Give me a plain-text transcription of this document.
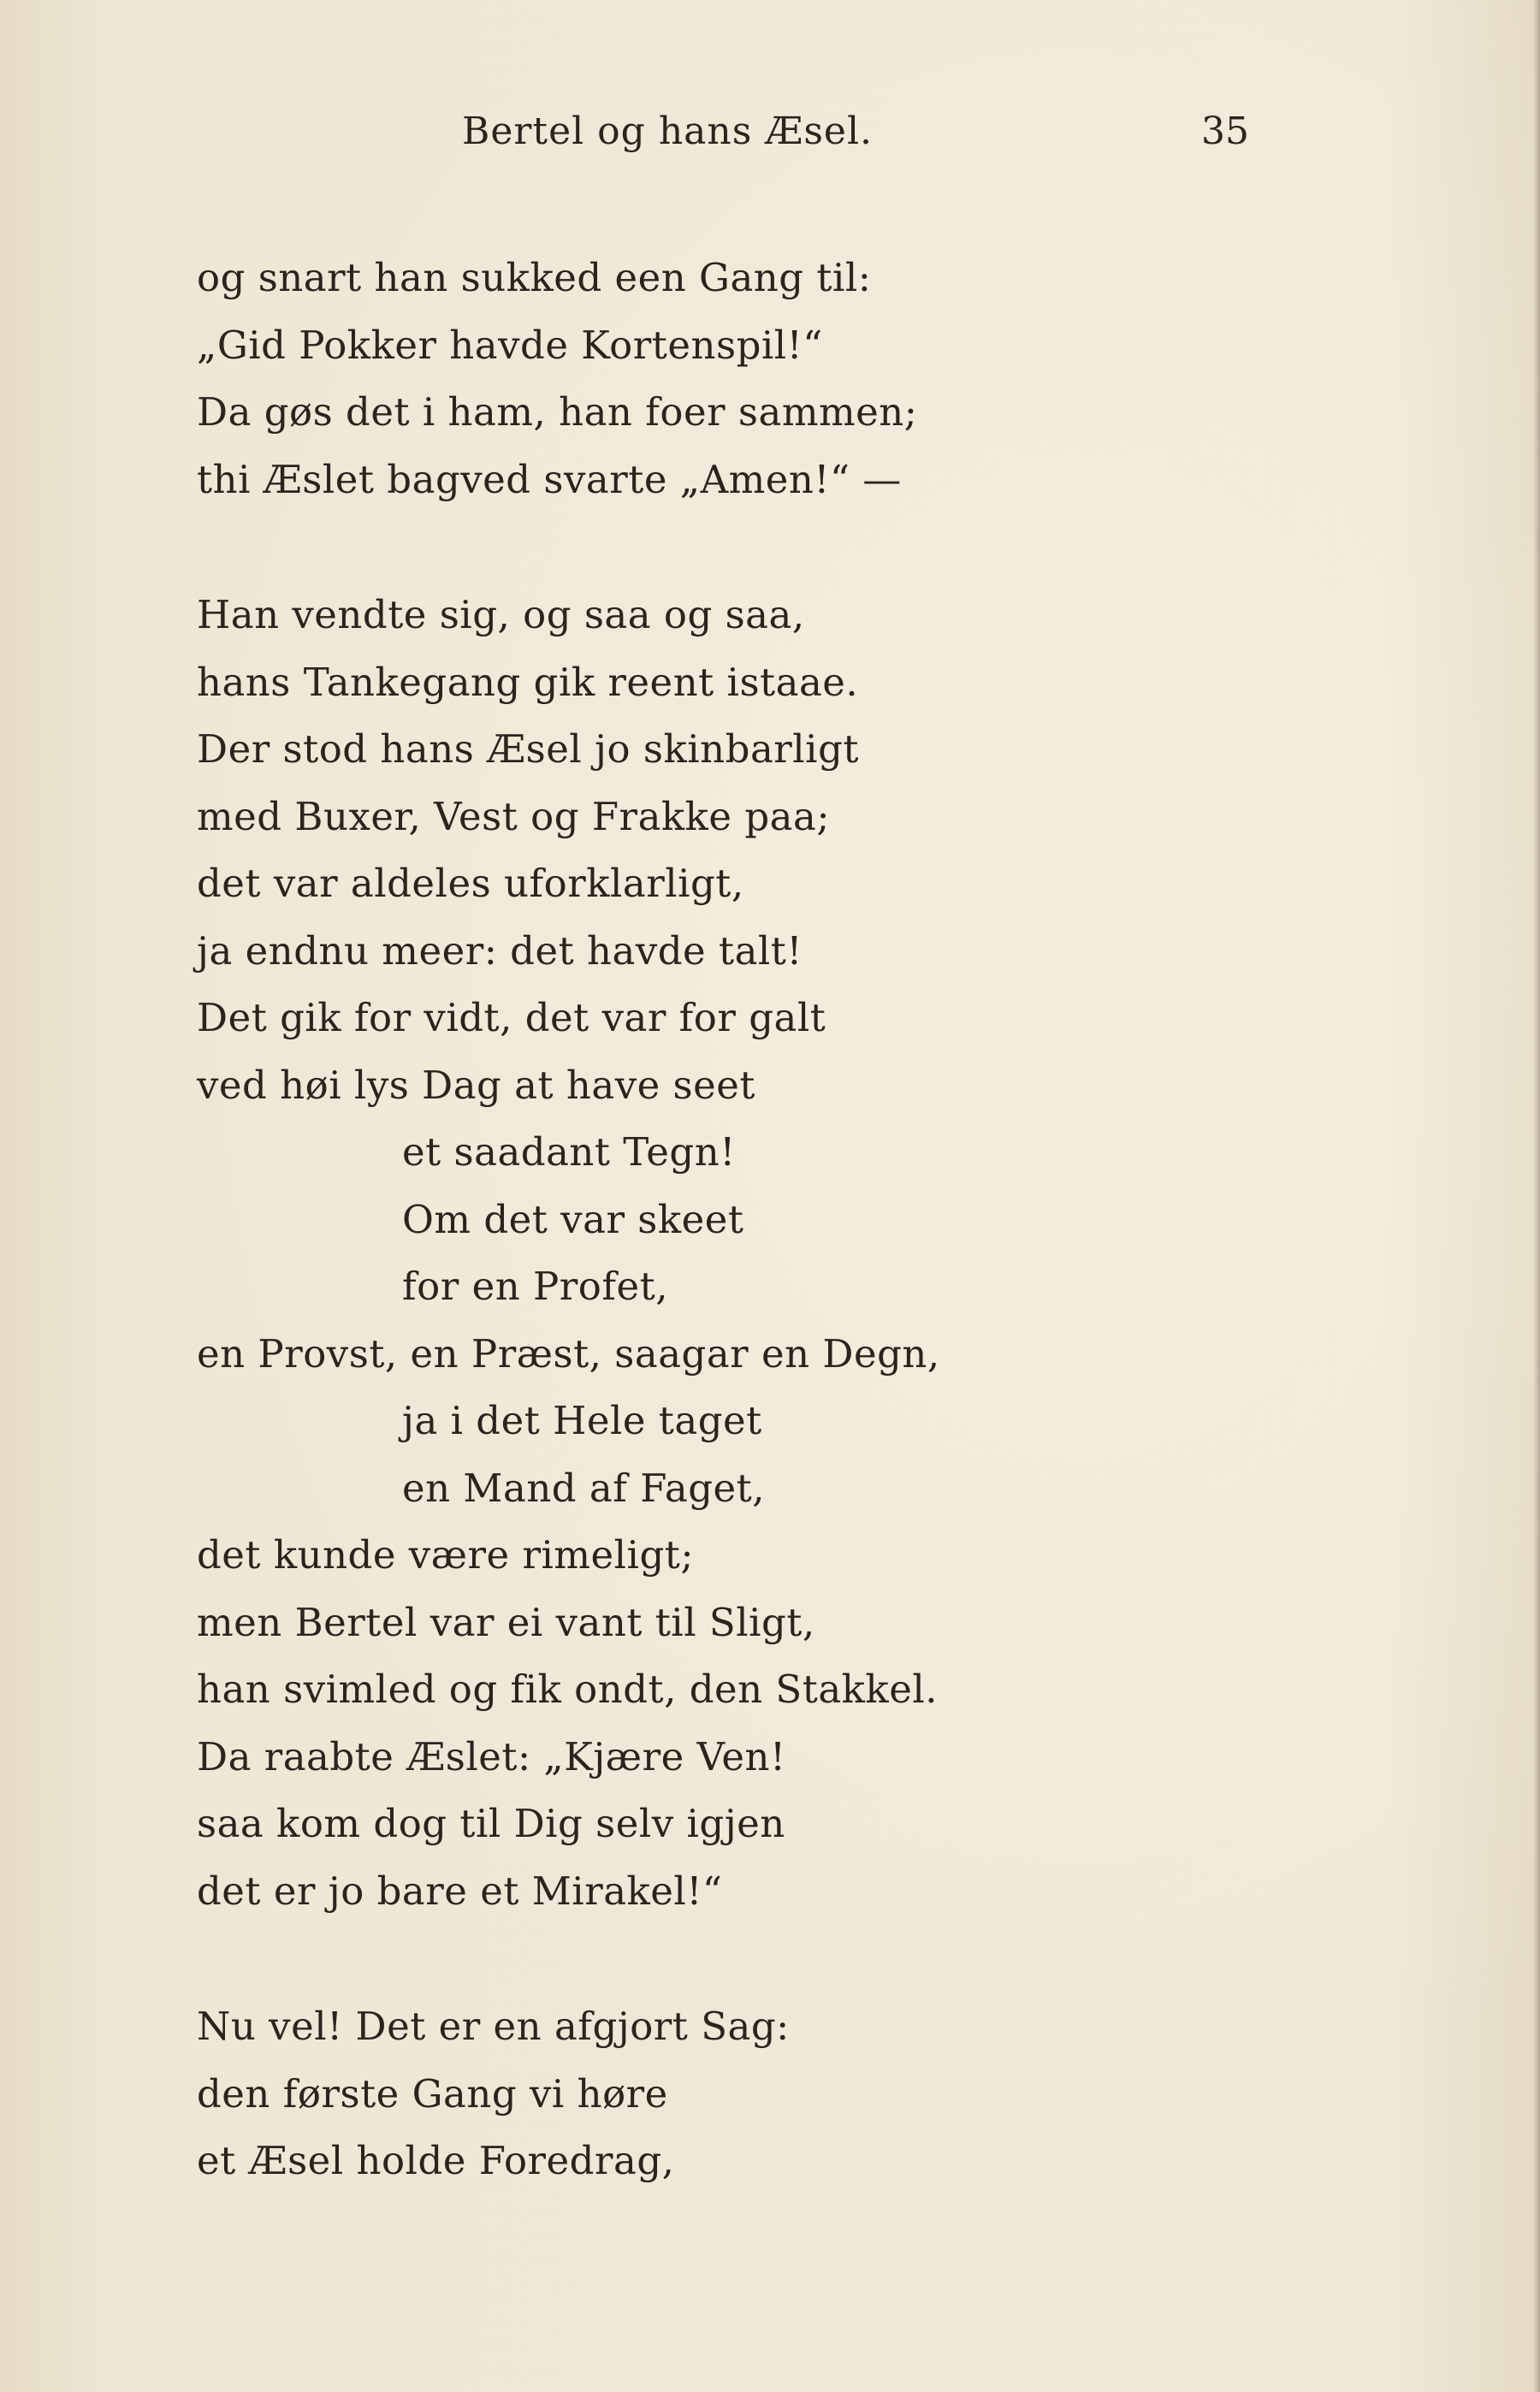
Bertel og hans Æsel.	35
og snart han sukked een Gang til:
„Gid Pokker havde Kortenspil!“
Da gøs det i ham, han foer sammen;
thi Æslet bagved svarte „Amen!“ —
Han vendte sig, og saa og saa,
hans Tankegang gik reent istaae.
Der stod hans Æsel jo skinbarligt
med Buxer, Vest og Frakke paa;
det var aldeles uforklarligt,
ja endnu meer: det havde talt!
Det gik for vidt, det var for galt
ved høi lys Dag at have seet
et saadant Tegn!
Om det var skeet
for en Profet,
en Provst, en Præst, saagar en Degn,
ja i det Hele taget
en Mand af Faget,
det kunde være rimeligt;
men Bertel var ei vant til Sligt,
han svimled og fik ondt, den Stakkel.
Da raabte Æslet: „Kjære Ven!
saa kom dog til Dig selv igjen
det er jo bare et Mirakel!“
Nu vel! Det er en afgjort Sag:
den første Gang vi høre
et Æsel holde Foredrag,
